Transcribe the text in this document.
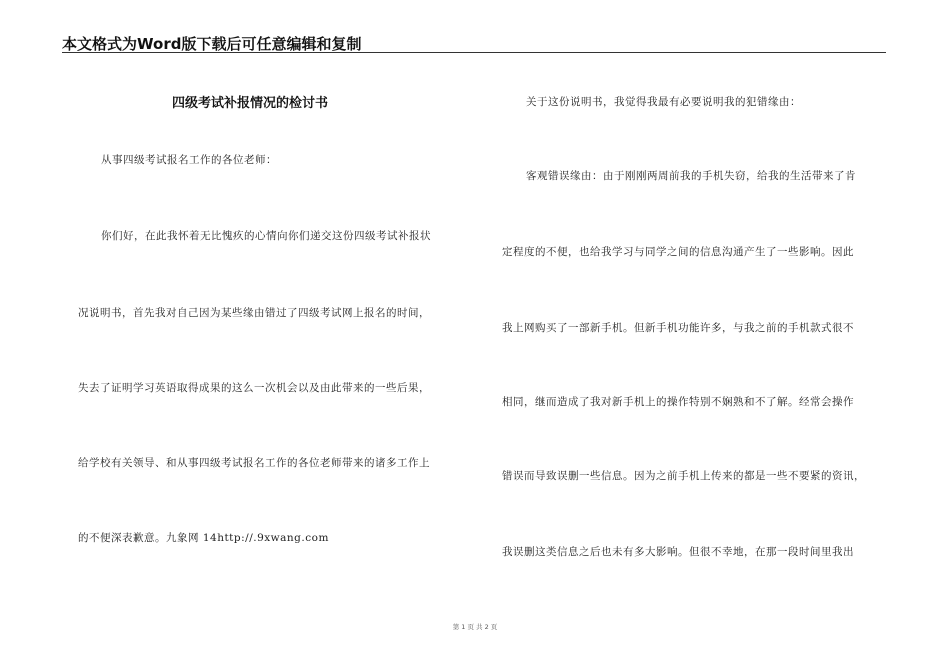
本文格式为Word版下载后可任意编辑和复制
四级考试补报情况的检讨书
从事四级考试报名工作的各位老师：
你们好，在此我怀着无比愧疚的心情向你们递交这份四级考试补报状
况说明书，首先我对自己因为某些缘由错过了四级考试网上报名的时间，
失去了证明学习英语取得成果的这么一次机会以及由此带来的一些后果，
给学校有关领导、和从事四级考试报名工作的各位老师带来的诸多工作上
的不便深表歉意。九象网 14http://.9xwang.com
关于这份说明书，我觉得我最有必要说明我的犯错缘由：
客观错误缘由：由于刚刚两周前我的手机失窃，给我的生活带来了肯
定程度的不便，也给我学习与同学之间的信息沟通产生了一些影响。因此
我上网购买了一部新手机。但新手机功能许多，与我之前的手机款式很不
相同，继而造成了我对新手机上的操作特别不娴熟和不了解。经常会操作
错误而导致误删一些信息。因为之前手机上传来的都是一些不要紧的资讯，
我误删这类信息之后也未有多大影响。但很不幸地，在那一段时间里我出
第 1 页 共 2 页
